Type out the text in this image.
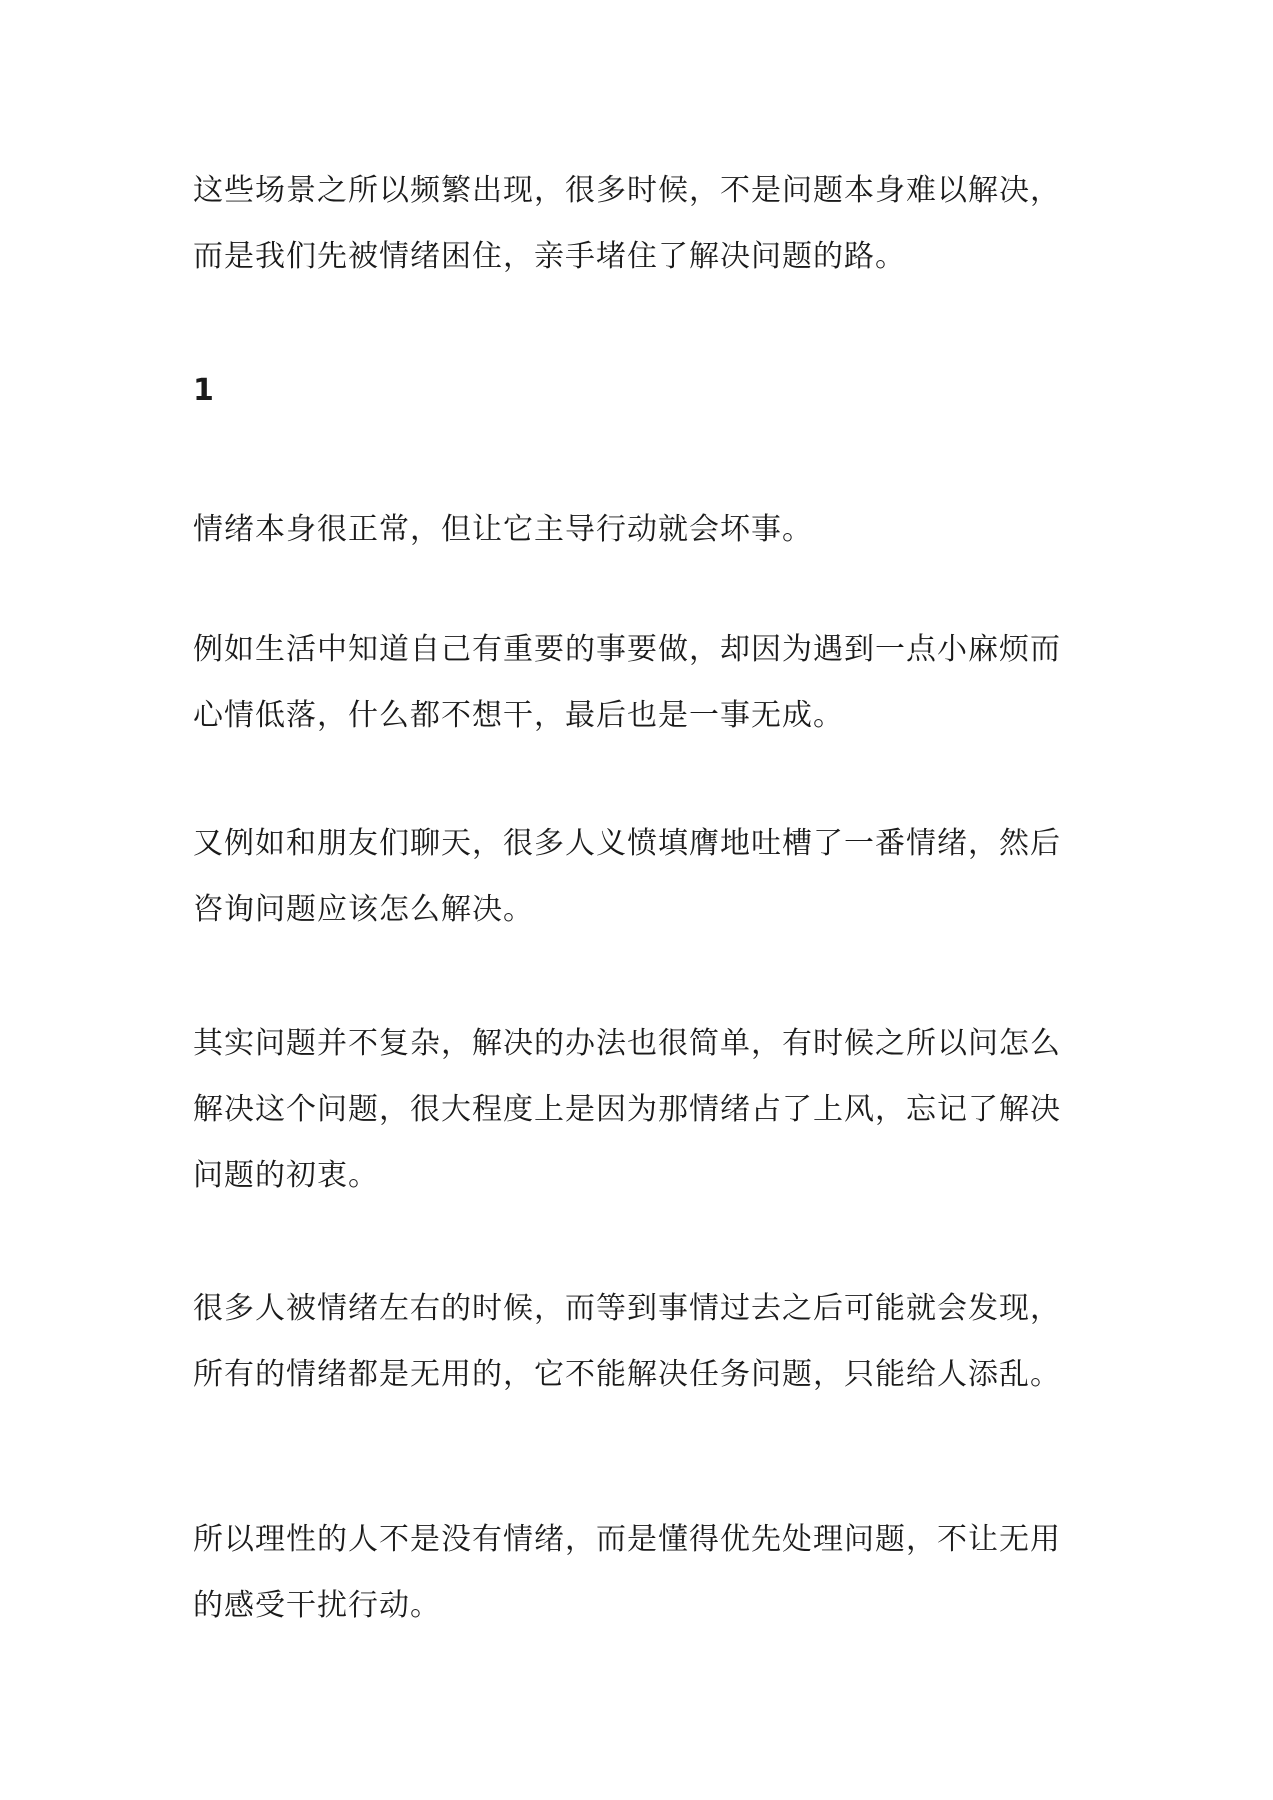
这些场景之所以频繁出现，很多时候，不是问题本身难以解决，
而是我们先被情绪困住，亲手堵住了解决问题的路。

1

情绪本身很正常，但让它主导行动就会坏事。

例如生活中知道自己有重要的事要做，却因为遇到一点小麻烦而
心情低落，什么都不想干，最后也是一事无成。

又例如和朋友们聊天，很多人义愤填膺地吐槽了一番情绪，然后
咨询问题应该怎么解决。

其实问题并不复杂，解决的办法也很简单，有时候之所以问怎么
解决这个问题，很大程度上是因为那情绪占了上风，忘记了解决
问题的初衷。

很多人被情绪左右的时候，而等到事情过去之后可能就会发现，
所有的情绪都是无用的，它不能解决任务问题，只能给人添乱。

所以理性的人不是没有情绪，而是懂得优先处理问题，不让无用
的感受干扰行动。
